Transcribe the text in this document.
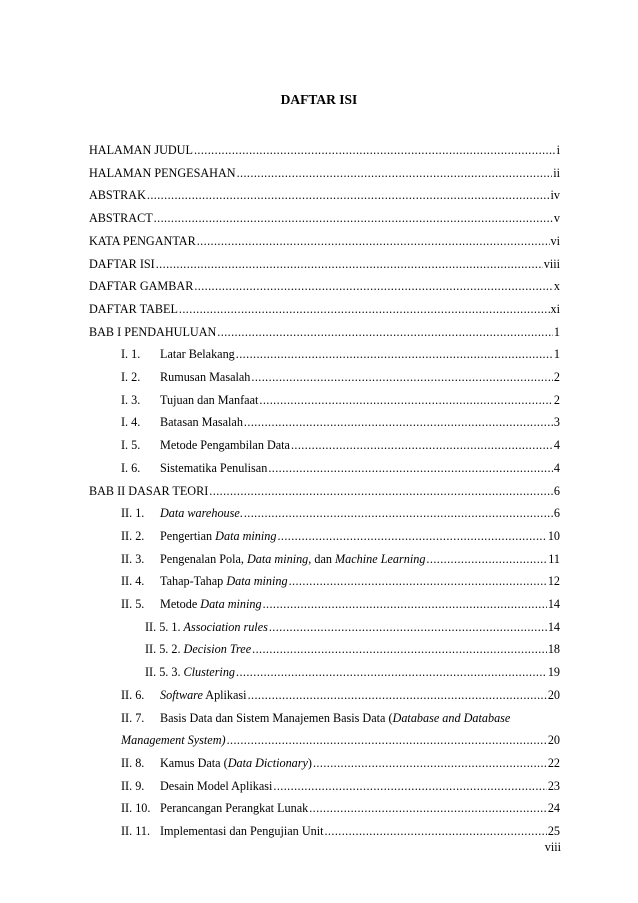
DAFTAR ISI
HALAMAN JUDUL .....	i
HALAMAN PENGESAHAN .....	ii
ABSTRAK .....	iv
ABSTRACT .....	v
KATA PENGANTAR .....	vi
DAFTAR ISI .....	viii
DAFTAR GAMBAR .....	x
DAFTAR TABEL .....	xi
BAB I PENDAHULUAN .....	1
I. 1.	Latar Belakang .....	1
I. 2.	Rumusan Masalah .....	2
I. 3.	Tujuan dan Manfaat .....	2
I. 4.	Batasan Masalah .....	3
I. 5.	Metode Pengambilan Data .....	4
I. 6.	Sistematika Penulisan .....	4
BAB II DASAR TEORI .....	6
II. 1.	Data warehouse. .....	6
II. 2.	Pengertian Data mining .....	10
II. 3.	Pengenalan Pola, Data mining, dan Machine Learning .....	11
II. 4.	Tahap-Tahap Data mining .....	12
II. 5.	Metode Data mining .....	14
II. 5. 1. Association rules .....	14
II. 5. 2. Decision Tree .....	18
II. 5. 3. Clustering .....	19
II. 6.	Software Aplikasi .....	20
II. 7.	Basis Data dan Sistem Manajemen Basis Data (Database and Database
Management System) .....	20
II. 8.	Kamus Data (Data Dictionary) .....	22
II. 9.	Desain Model Aplikasi .....	23
II. 10. Perancangan Perangkat Lunak .....	24
II. 11. Implementasi dan Pengujian Unit .....	25
viii
